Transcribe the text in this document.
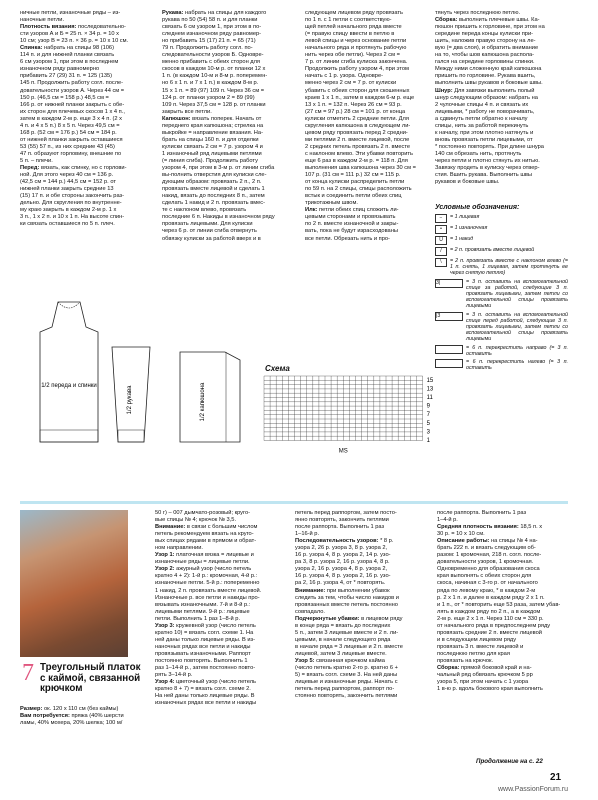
ничные петли, изнаночные ряды – из-

наночные петли.

Плотность вязания: последовательно-

сти узоров А и Б = 25 п. × 34 р. = 10 х

10 см; узор В = 23 п. × 36 р. = 10 х 10 см.

Спинка: набрать на спицы 98 (106)

114 п. и для нижней планки связать

6 см узором 1, при этом в последнем

изнаночном ряду равномерно

прибавить 27 (29) 31 п. = 125 (135)

145 п. Продолжить работу согл. после-

довательности узоров А. Через 44 см =

150 р. (46,5 см = 158 р.) 48,5 см =

166 р. от нижней планки закрыть с обе-

их сторон для плечевых скосов 1 х 4 п.,

затем в каждом 2-м р. еще 3 х 4 п. (2 х

4 п. и 4 х 5 п.) 8 х 5 п. Через 49,5 см =

168 р. (52 см = 176 р.) 54 см = 184 р.

от нижней планки закрыть оставшиеся

53 (55) 57 п., из них средние 43 (45)

47 п. образуют горловину, внешние по

5 п. – плечи.

Перед: вязать, как спинку, но с горлови-

ной. Для этого через 40 см = 136 р.

(42,5 см = 144 р.) 44,5 см = 152 р. от

нижней планки закрыть средние 13

(15) 17 п. и обе стороны закончить раз-

дельно. Для скругления по внутренне-

му краю закрыть в каждом 2-м р. 1 х

3 п., 1 х 2 п. и 10 х 1 п. На высоте спин-

ки связать оставшиеся по 5 п. плеч.

Рукава: набрать на спицы для каждого

рукава по 50 (54) 58 п. и для планки

связать 6 см узором 1, при этом в по-

следнем изнаночном ряду равномер-

но прибавить 15 (17) 21 п. = 65 (71)

79 п. Продолжить работу согл. по-

следовательности узоров Б. Одновре-

менно прибавить с обеих сторон для

скосов в каждом 10-м р. от планки 12 х

1 п. (в каждом 10-м и 8-м р. поперемен-

но 6 х 1 п. и 7 х 1 п.) в каждом 8-м р.

15 х 1 п. = 89 (97) 109 п. Через 36 см =

124 р. от планки узором 2 = 89 (99)

109 п. Через 37,5 см = 128 р. от планки

закрыть все петли.

Капюшон: вязать поперек. Начать от

переднего края капюшона; стрелка на

выкройке = направление вязания. На-

брать на спицы 160 п. и для отделки

кулиски связать 2 см = 7 р. узором 4 и

1 изнаночный ряд лицевыми петлями

(= линия сгиба). Продолжить работу

узором 4, при этом в 3-м р. от линии сгиба

вы-полнить отверстия для кулиски сле-

дующим образом: провязать 2 п., 2 п.

провязать вместе лицевой и сделать 1

накид, вязать до последних 8 п., затем

сделать 1 накид и 2 п. провязать вмес-

те с наклоном влево, провязать

последние 6 п. Накиды в изнаночном ряду

провязать лицевыми. Для кулиски

через 6 р. от линии сгиба отвернуть

обвязку кулиски за работой вверх и в

следующем лицевом ряду провязать

по 1 п. с 1 петли с соответствую-

щей петлей начального ряда вместе

(= правую спицу ввести в петлю в

левой спицы и через основание петли

начального ряда и протянуть рабочую

нить через обе петли). Через 2 см =

7 р. от линии сгиба кулиска закончена.

Продолжить работу узором 4, при этом

начать с 1 р. узора. Одновре-

менно через 2 см = 7 р. от кулиски

убавить с обеих сторон для скошенных

краев 1 х 1 п., затем в каждом 6-м р. еще

13 х 1 п. = 132 п. Через 26 см = 93 р.

(27 см = 97 р.) 28 см = 101 р. от конца

кулиски отметить 2 средние петли. Для

скругления капюшона в следующем ли-

цевом ряду провязать перед 2 средни-

ми петлями 2 п. вместе лицевой, после

2 средних петель провязать 2 п. вместе

с наклоном влево. Эти убавки повторить

еще 6 раз в каждом 2-м р. = 118 п. Для

выполнения шва капюшона через 30 см =

107 р. (31 см = 111 р.) 32 см = 115 р.

от конца кулиски распределить петли

по 59 п. на 2 спицы, спицы расположить

встык и соединить петли обеих спиц

трикотажным швом.

Илк: петли обеих спиц сложить ли-

цевыми сторонами и провязывать

по 2 п. вместе изнаночной и закры-

вать, пока не будут израсходованы

все петли. Обрезать нить и про-

тянуть через последнюю петлю.

Сборка: выполнить плечевые швы. Ка-

пюшон пришить к горловине, при этом на

середине переда концы кулиски при-

шить, наложив правую сторону на ле-

вую (= два слоя), и обратить внимание

на то, чтобы шов капюшона распола-

гался на середине горловины спинки.

Между ними сложенную край капюшона

пришить по горловине. Рукава вшить,

выполнить швы рукавов и боковые швы.

Шнур: Для завязки выполнить полый

шнур следующим образом: набрать на

2 чулочные спицы 4 п. и связать их

лицевыми, * работу не поворачивать,

а сдвинуть петли обратно к началу

спицы, нить за работой перекинуть

к началу, при этом плотно натянуть и

вновь провязать петли лицевыми, от

* постоянно повторять. При длине шнура

140 см обрезать нить, протянуть

через петли и плотно стянуть их нитью.

Завязку продеть в кулиску через отвер-

стия. Вшить рукава. Выполнить швы

рукавов и боковые швы.

Условные обозначения:
−	= 1 лицевая
•	= 1 изнаночная
U	= 1 накид
/	= 2 п. провязать вместе лицевой
\	= 2 п. провязать вместе с наклоном влево (= 1 п. снять, 1 лицевая, затем протянуть ее через снятую петлю)
3|	= 3 п. оставить на вспомогательной спице за работой, следующие 3 п. провязать лицевыми, затем петли со вспомогательной спицы провязать лицевыми
|3	= 3 п. оставить на вспомогательной спице перед работой, следующие 3 п. провязать лицевыми, затем петли со вспомогательной спицы провязать лицевыми
= 6 п. перекрестить направо (= 3 п. оставить
= 6 п. перекрестить налево (= 3 п. оставить
1/2 переда и спинки	1/2 рукава	1/2 капюшона
Схема
15
13
11
9
7
5
3
1
MS
7 Треугольный платок с каймой, связанной крючком

50 г) – 007 дымчато-розовый; круго-

вые спицы № 4; крючок № 3,5.

Внимание: в связи с большим числом

петель рекомендуем вязать на круго-

вых спицах рядами в прямом и обрат-

ном направлении.

Узор 1: платочная вязка = лицевые и

изнаночные ряды = лицевые петли.

Узор 2: ажурный узор (число петель

кратно 4 + 2): 1-й р.: кромочная, 4-й р.:

изнаночные петли. 5-й р.: попеременно

1 накид, 2 п. провязать вместе лицевой.

Изнаночные р. все петли и накиды про-

вязывать изнаночными. 7-й и 8-й р.:

лицевыми петлями. 9-й р.: лицевые

петли. Выполнить 1 раз 1–8-й р.

Узор 3: кружевной узор (число петель

кратно 10) = вязать согл. схеме 1. На

ней даны только лицевые ряды. В из-

наночных рядах все петли и накиды

провязывать изнаночными. Раппорт

постоянно повторять. Выполнить 1

раз 1–14-й р., затем постоянно повто-

рять 3–14-й р.

Узор 4: цветочный узор (число петель

кратно 8 + 7) = вязать согл. схеме 2.

На ней даны только лицевые ряды. В

изнаночных рядах все петли и накиды

петель перед раппортом, затем посто-

янно повторять, закончить петлями

после раппорта. Выполнить 1 раз

1–16-й р.

Последовательность узоров: * 8 р.

узора 2, 26 р. узора 3, 8 р. узора 2,

16 р. узора 4, 8 р. узора 2, 14 р. узо-

ра 3, 8 р. узора 2, 16 р. узора 4, 8 р.

узора 2, 16 р. узора 4, 8 р. узора 2,

16 р. узора 4, 8 р. узора 2, 16 р. узо-

ра 2, 16 р. узора 4, от * повторять.

Внимание: при выполнении убавок

следить за тем, чтобы число накидов и

провязанных вместе петель постоянно

совпадало.

Подчеркнутые убавки: в лицевом ряду

в конце ряда = вязать до последних

5 п., затем 3 лицевые вместе и 2 п. ли-

цевыми, в начале следующего ряда

в начале ряда = 3 лицевые и 2 п. вместе

лицевой, затем 3 лицевые вместе.

Узор 5: связанная крючком кайма

(число петель кратно 2-го р. кратно 6 +

5) = вязать согл. схеме 3. На ней даны

лицевые и изнаночные ряды. Начать с

петель перед раппортом, раппорт по-

стоянно повторять, закончить петлями

после раппорта. Выполнить 1 раз

1–4-й р.

Средняя плотность вязания: 18,5 п. х

30 р. = 10 х 10 см.

Описание работы: на спицы № 4 на-

брать 222 п. и вязать следующим об-

разом: 1 кромочная, 218 п. согл. после-

довательности узоров, 1 кромочная.

Одновременно для образования скоса

края выполнять с обеих сторон для

скоса, начиная с 3-го р. от начального

ряда по левому краю, * в каждом 2-м

р. 2 х 1 п. и далее в каждом ряду 2 х 1 п.

и 1 п., от * повторить еще 53 раза, затем убав-

лять в каждом ряду по 2 п., а в каждом

2-м р. еще 2 х 1 п. Через 110 см = 330 р.

от начального ряда в предпоследнем ряду

провязать средние 2 п. вместе лицевой

и в следующем лицевом ряду

провязать 3 п. вместе лицевой и

последнюю петлю для края

провязать на крючок.

Сборка: прямой боковой край и на-

чальный ряд обвязать крючком 5 рр

узора 5, при этом начать с 1 узора

1 в-ю р. вдоль бокового края выполнить

Размер: ок. 120 х 110 см (без каймы)

Вам потребуется: пряжа (40% шерсти

ламы, 40% мохера, 20% шелка; 100 м/

Продолжение на с. 22
21
www.PassionForum.ru
